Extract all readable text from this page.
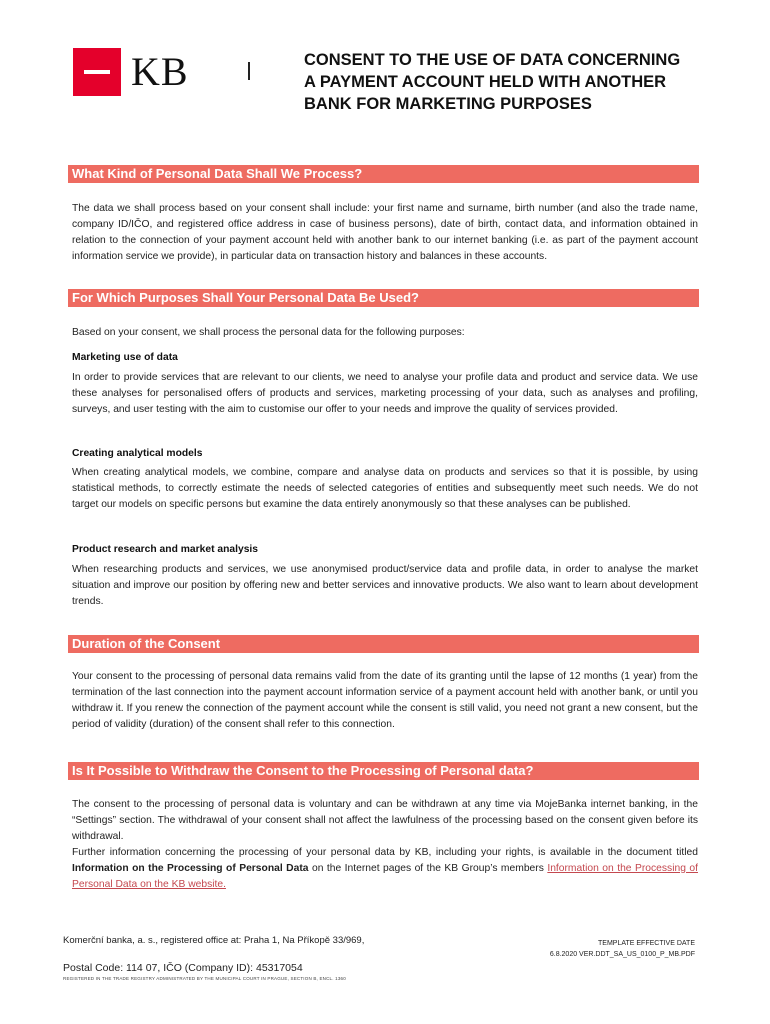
KB	CONSENT TO THE USE OF DATA CONCERNING A PAYMENT ACCOUNT HELD WITH ANOTHER BANK FOR MARKETING PURPOSES
What Kind of Personal Data Shall We Process?

The data we shall process based on your consent shall include: your first name and surname, birth number (and also the trade name, company ID/IČO, and registered office address in case of business persons), date of birth, contact data, and information obtained in relation to the connection of your payment account held with another bank to our internet banking (i.e. as part of the payment account information service we provide), in particular data on transaction history and balances in these accounts.

For Which Purposes Shall Your Personal Data Be Used?

Based on your consent, we shall process the personal data for the following purposes:

Marketing use of data

In order to provide services that are relevant to our clients, we need to analyse your profile data and product and service data. We use these analyses for personalised offers of products and services, marketing processing of your data, such as analyses and profiling, surveys, and user testing with the aim to customise our offer to your needs and improve the quality of services provided.

Creating analytical models

When creating analytical models, we combine, compare and analyse data on products and services so that it is possible, by using statistical methods, to correctly estimate the needs of selected categories of entities and subsequently meet such needs. We do not target our models on specific persons but examine the data entirely anonymously so that these analyses can be published.

Product research and market analysis

When researching products and services, we use anonymised product/service data and profile data, in order to analyse the market situation and improve our position by offering new and better services and innovative products. We also want to learn about development trends.

Duration of the Consent

Your consent to the processing of personal data remains valid from the date of its granting until the lapse of 12 months (1 year) from the termination of the last connection into the payment account information service of a payment account held with another bank, or until you withdraw it. If you renew the connection of the payment account while the consent is still valid, you need not grant a new consent, but the period of validity (duration) of the consent shall refer to this connection.

Is It Possible to Withdraw the Consent to the Processing of Personal data?

The consent to the processing of personal data is voluntary and can be withdrawn at any time via MojeBanka internet banking, in the “Settings” section. The withdrawal of your consent shall not affect the lawfulness of the processing based on the consent given before its withdrawal.

Further information concerning the processing of your personal data by KB, including your rights, is available in the document titled Information on the Processing of Personal Data on the Internet pages of the KB Group’s members Information on the Processing of Personal Data on the KB website.

Komerční banka, a. s., registered office at: Praha 1, Na Příkopě 33/969,	TEMPLATE EFFECTIVE DATE
6.8.2020 VER.DDT_SA_US_0100_P_MB.PDF
Postal Code: 114 07, IČO (Company ID): 45317054
REGISTERED IN THE TRADE REGISTRY ADMINISTRATED BY THE MUNICIPAL COURT IN PRAGUE, SECTION B, ENCL. 1360
